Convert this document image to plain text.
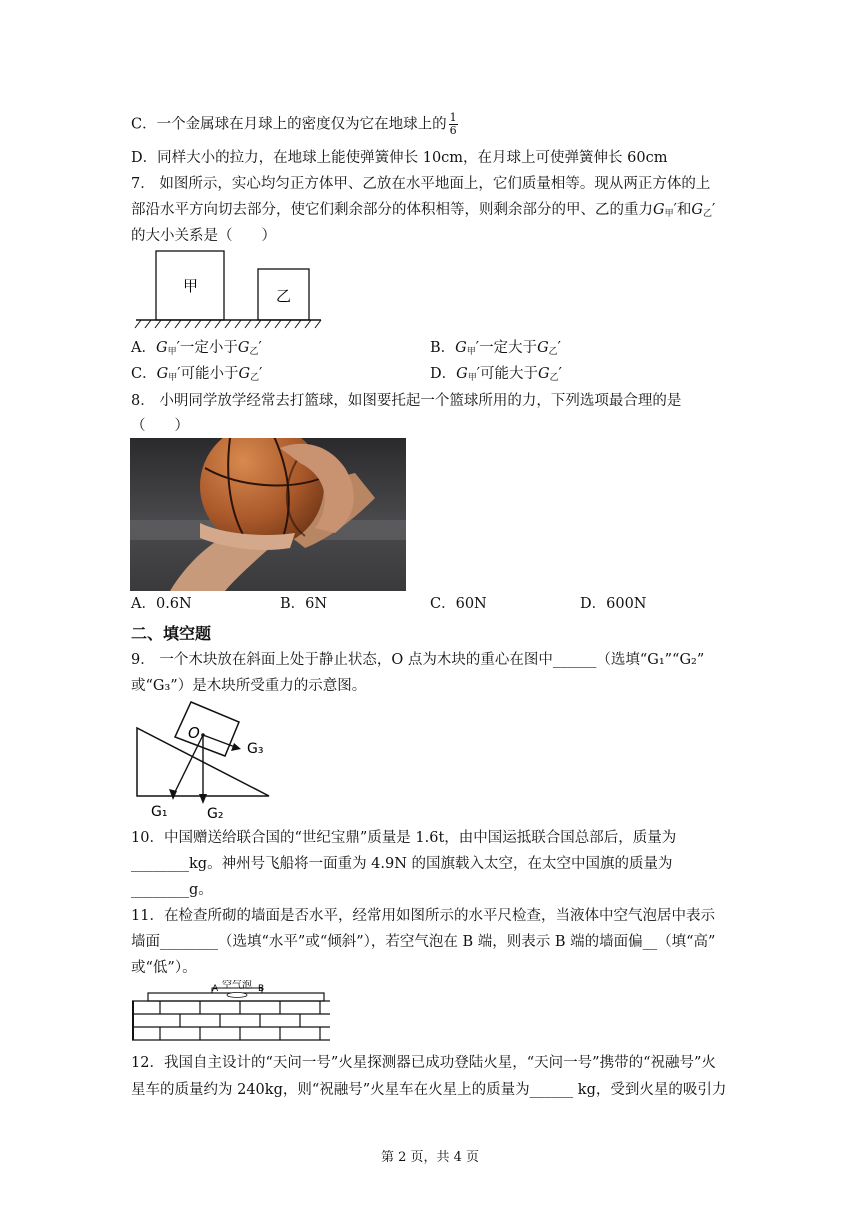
C．一个金属球在月球上的密度仅为它在地球上的 $\frac{1}{6}$
D．同样大小的拉力，在地球上能使弹簧伸长 10cm，在月球上可使弹簧伸长 60cm
7． 如图所示，实心均匀正方体甲、乙放在水平地面上，它们质量相等。现从两正方体的上
部沿水平方向切去部分，使它们剩余部分的体积相等，则剩余部分的甲、乙的重力$G_甲'$和$G_乙'$
的大小关系是（　　）
甲
乙
A．$G_甲'$一定小于$G_乙'$	B．$G_甲'$一定大于$G_乙'$
C．$G_甲'$可能小于$G_乙'$	D．$G_甲'$可能大于$G_乙'$
8． 小明同学放学经常去打篮球，如图要托起一个篮球所用的力，下列选项最合理的是
（　　）
A．0.6N	B．6N	C．60N	D．600N
二、填空题
9． 一个木块放在斜面上处于静止状态，O 点为木块的重心在图中______（选填“G₁”“G₂”
或“G₃”）是木块所受重力的示意图。
O
G₁	G₂
G₃
10．中国赠送给联合国的“世纪宝鼎”质量是 1.6t，由中国运抵联合国总部后，质量为
________kg。神州号飞船将一面重为 4.9N 的国旗载入太空，在太空中国旗的质量为
________g。
11．在检查所砌的墙面是否水平，经常用如图所示的水平尺检查，当液体中空气泡居中表示
墙面________（选填“水平”或“倾斜”），若空气泡在 B 端，则表示 B 端的墙面偏__（填“高”
或“低”）。
空气泡
A	B
12．我国自主设计的“天问一号”火星探测器已成功登陆火星，“天问一号”携带的“祝融号”火
星车的质量约为 240kg，则“祝融号”火星车在火星上的质量为______ kg，受到火星的吸引力
第 2 页，共 4 页
